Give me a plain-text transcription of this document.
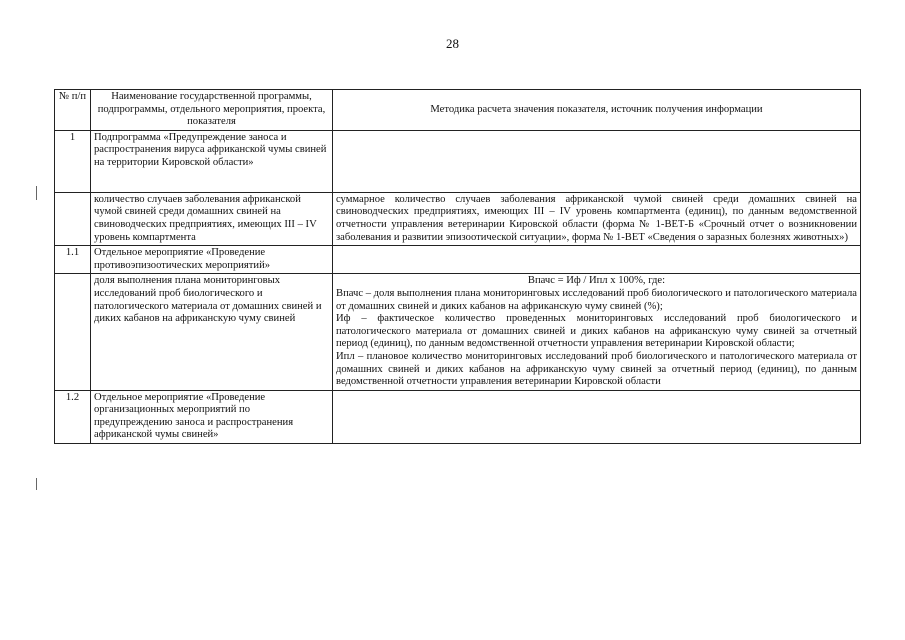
28
№ п/п	Наименование государственной программы, подпрограммы, отдельного мероприятия, проекта, показателя	Методика расчета значения показателя, источник получения информации
1	Подпрограмма «Предупреждение заноса и распространения вируса африканской чумы свиней на территории Кировской области»	
	количество случаев заболевания африканской чумой свиней среди домашних свиней на свиноводческих предприятиях, имеющих III – IV уровень компартмента	суммарное количество случаев заболевания африканской чумой свиней среди домашних свиней на свиноводческих предприятиях, имеющих III – IV уровень компартмента (единиц), по данным ведомственной отчетности управления ветеринарии Кировской области (форма № 1-ВЕТ-Б «Срочный отчет о возникновении заболевания и развитии эпизоотической ситуации», форма № 1-ВЕТ «Сведения о заразных болезнях животных»)
1.1	Отдельное мероприятие «Проведение противоэпизоотических мероприятий»	
	доля выполнения плана мониторинговых исследований проб биологического и патологического материала от домашних свиней и диких кабанов на африканскую чуму свиней	Впачс = Иф / Ипл x 100%, где:

Впачс – доля выполнения плана мониторинговых исследований проб биологического и патологического материала от домашних свиней и диких кабанов на африканскую чуму свиней (%);

Иф – фактическое количество проведенных мониторинговых исследований проб биологического и патологического материала от домашних свиней и диких кабанов на африканскую чуму свиней за отчетный период (единиц), по данным ведомственной отчетности управления ветеринарии Кировской области;

Ипл – плановое количество мониторинговых исследований проб биологического и патологического материала от домашних свиней и диких кабанов на африканскую чуму свиней за отчетный период (единиц), по данным ведомственной отчетности управления ветеринарии Кировской области

1.2	Отдельное мероприятие «Проведение организационных мероприятий по предупреждению заноса и распространения африканской чумы свиней»	
